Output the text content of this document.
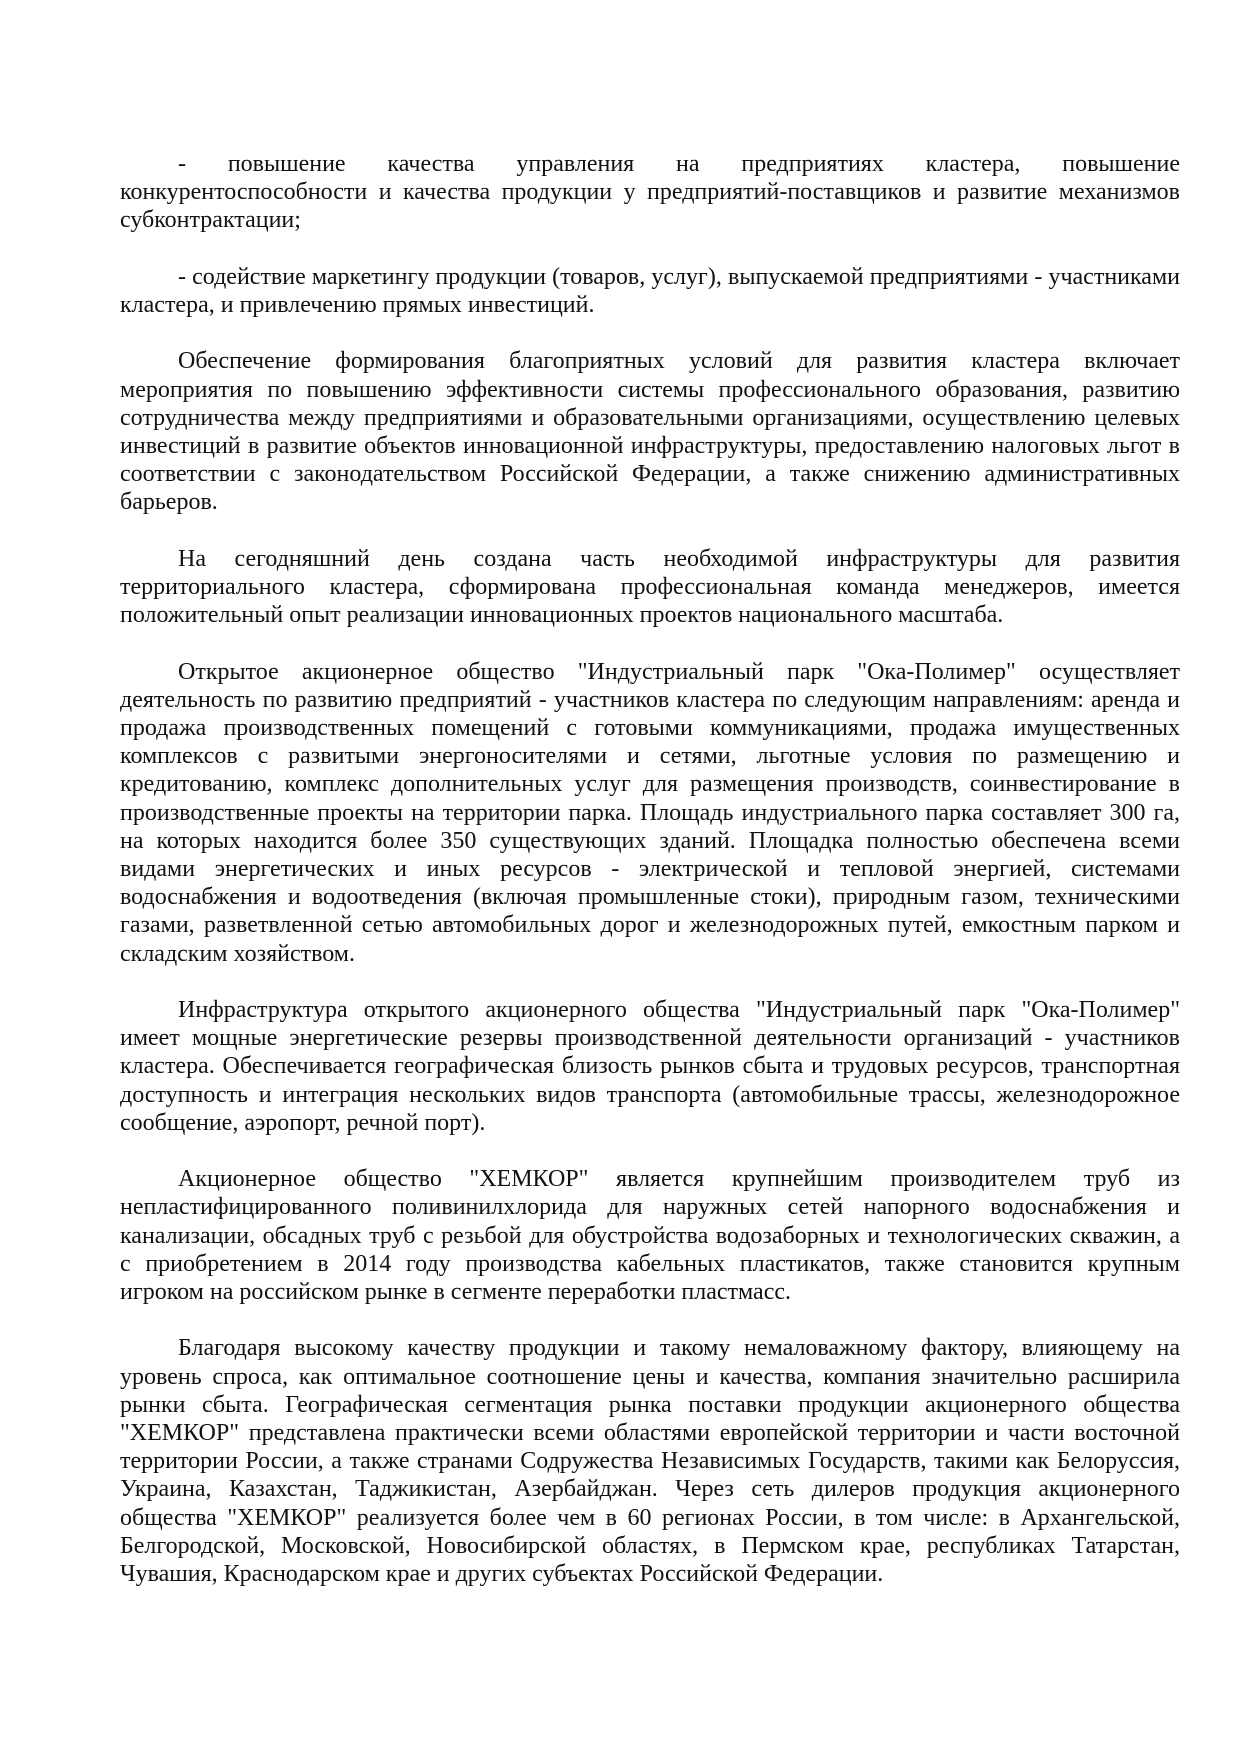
- повышение качества управления на предприятиях кластера, повышение конкурентоспособности и качества продукции у предприятий-поставщиков и развитие механизмов субконтрактации;

- содействие маркетингу продукции (товаров, услуг), выпускаемой предприятиями - участниками кластера, и привлечению прямых инвестиций.

Обеспечение формирования благоприятных условий для развития кластера включает мероприятия по повышению эффективности системы профессионального образования, развитию сотрудничества между предприятиями и образовательными организациями, осуществлению целевых инвестиций в развитие объектов инновационной инфраструктуры, предоставлению налоговых льгот в соответствии с законодательством Российской Федерации, а также снижению административных барьеров.

На сегодняшний день создана часть необходимой инфраструктуры для развития территориального кластера, сформирована профессиональная команда менеджеров, имеется положительный опыт реализации инновационных проектов национального масштаба.

Открытое акционерное общество "Индустриальный парк "Ока-Полимер" осуществляет деятельность по развитию предприятий - участников кластера по следующим направлениям: аренда и продажа производственных помещений с готовыми коммуникациями, продажа имущественных комплексов с развитыми энергоносителями и сетями, льготные условия по размещению и кредитованию, комплекс дополнительных услуг для размещения производств, соинвестирование в производственные проекты на территории парка. Площадь индустриального парка составляет 300 га, на которых находится более 350 существующих зданий. Площадка полностью обеспечена всеми видами энергетических и иных ресурсов - электрической и тепловой энергией, системами водоснабжения и водоотведения (включая промышленные стоки), природным газом, техническими газами, разветвленной сетью автомобильных дорог и железнодорожных путей, емкостным парком и складским хозяйством.

Инфраструктура открытого акционерного общества "Индустриальный парк "Ока-Полимер" имеет мощные энергетические резервы производственной деятельности организаций - участников кластера. Обеспечивается географическая близость рынков сбыта и трудовых ресурсов, транспортная доступность и интеграция нескольких видов транспорта (автомобильные трассы, железнодорожное сообщение, аэропорт, речной порт).

Акционерное общество "ХЕМКОР" является крупнейшим производителем труб из непластифицированного поливинилхлорида для наружных сетей напорного водоснабжения и канализации, обсадных труб с резьбой для обустройства водозаборных и технологических скважин, а с приобретением в 2014 году производства кабельных пластикатов, также становится крупным игроком на российском рынке в сегменте переработки пластмасс.

Благодаря высокому качеству продукции и такому немаловажному фактору, влияющему на уровень спроса, как оптимальное соотношение цены и качества, компания значительно расширила рынки сбыта. Географическая сегментация рынка поставки продукции акционерного общества "ХЕМКОР" представлена практически всеми областями европейской территории и части восточной территории России, а также странами Содружества Независимых Государств, такими как Белоруссия, Украина, Казахстан, Таджикистан, Азербайджан. Через сеть дилеров продукция акционерного общества "ХЕМКОР" реализуется более чем в 60 регионах России, в том числе: в Архангельской, Белгородской, Московской, Новосибирской областях, в Пермском крае, республиках Татарстан, Чувашия, Краснодарском крае и других субъектах Российской Федерации.
